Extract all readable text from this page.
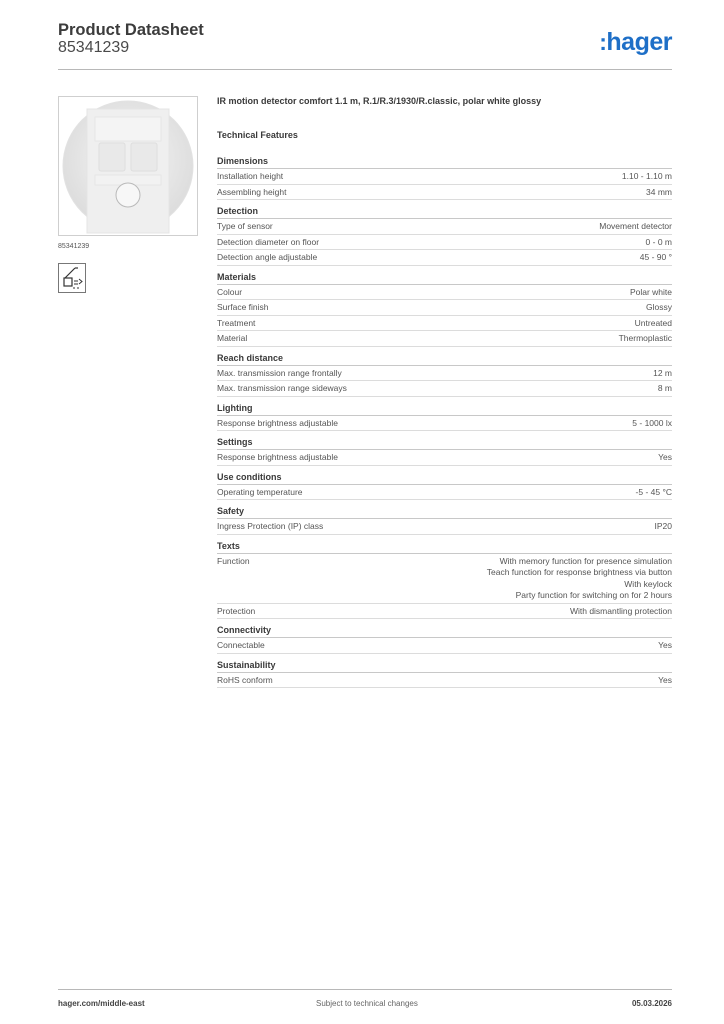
Product Datasheet
85341239	:hager
85341239
IR motion detector comfort 1.1 m, R.1/R.3/1930/R.classic, polar white glossy
Technical Features
Dimensions
Installation height	1.10 - 1.10 m
Assembling height	34 mm
Detection
Type of sensor	Movement detector
Detection diameter on floor	0 - 0 m
Detection angle adjustable	45 - 90 °
Materials
Colour	Polar white
Surface finish	Glossy
Treatment	Untreated
Material	Thermoplastic
Reach distance
Max. transmission range frontally	12 m
Max. transmission range sideways	8 m
Lighting
Response brightness adjustable	5 - 1000 lx
Settings
Response brightness adjustable	Yes
Use conditions
Operating temperature	-5 - 45 °C
Safety
Ingress Protection (IP) class	IP20
Texts
Function	With memory function for presence simulation
Teach function for response brightness via button
With keylock
Party function for switching on for 2 hours
Protection	With dismantling protection
Connectivity
Connectable	Yes
Sustainability
RoHS conform	Yes
hager.com/middle-east	Subject to technical changes	05.03.2026
